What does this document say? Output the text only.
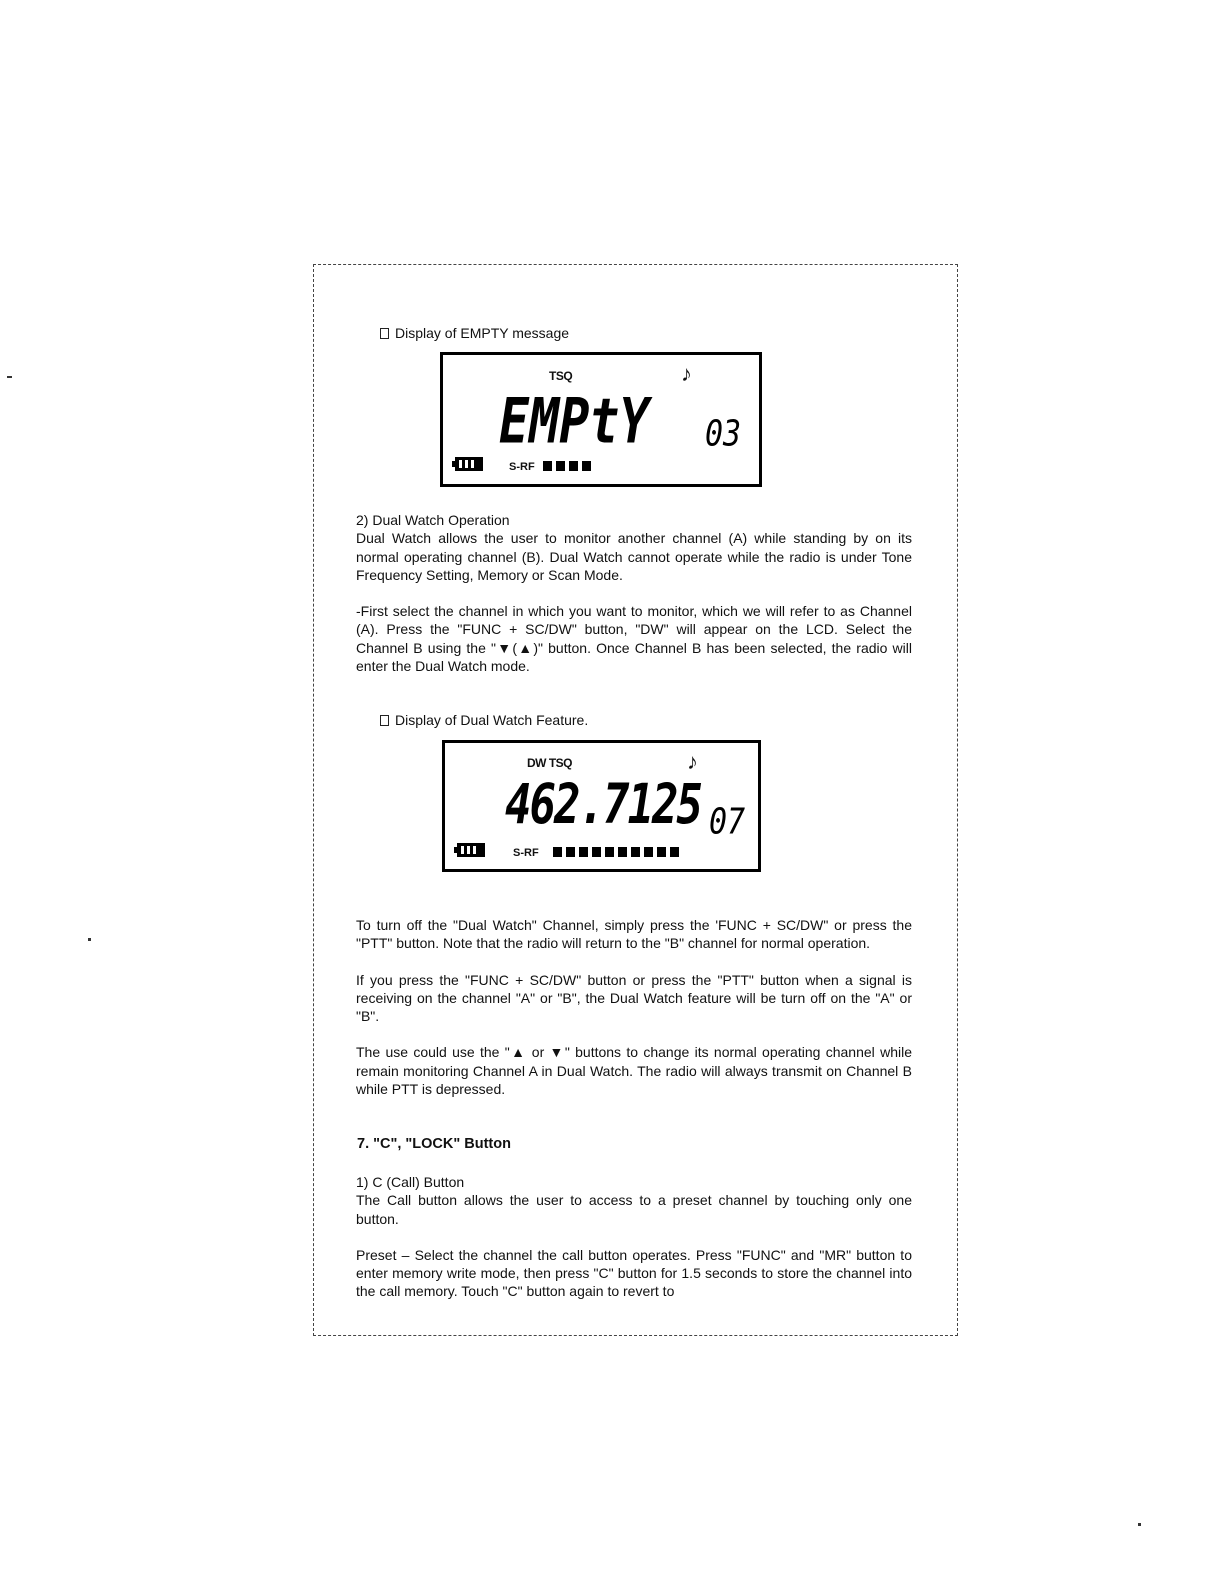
Display of EMPTY message
TSQ	♪
EMPtY 03
S-RF

2) Dual Watch Operation

Dual Watch allows the user to monitor another channel (A) while standing by on its normal operating channel (B). Dual Watch cannot operate while the radio is under Tone Frequency Setting, Memory or Scan Mode.

-First select the channel in which you want to monitor, which we will refer to as Channel (A). Press the "FUNC + SC/DW" button, "DW" will appear on the LCD. Select the Channel B using the "▼(▲)" button. Once Channel B has been selected, the radio will enter the Dual Watch mode.

Display of Dual Watch Feature.
DW TSQ	♪
462.7125 07
S-RF

To turn off the "Dual Watch" Channel, simply press the 'FUNC + SC/DW" or press the "PTT" button. Note that the radio will return to the "B" channel for normal operation.

If you press the "FUNC + SC/DW" button or press the "PTT" button when a signal is receiving on the channel "A" or "B", the Dual Watch feature will be turn off on the "A" or "B".

The use could use the "▲ or ▼" buttons to change its normal operating channel while remain monitoring Channel A in Dual Watch. The radio will always transmit on Channel B while PTT is depressed.

7. "C", "LOCK" Button

1) C (Call) Button

The Call button allows the user to access to a preset channel by touching only one button.

Preset – Select the channel the call button operates. Press "FUNC" and "MR" button to enter memory write mode, then press "C" button for 1.5 seconds to store the channel into the call memory. Touch "C" button again to revert to
